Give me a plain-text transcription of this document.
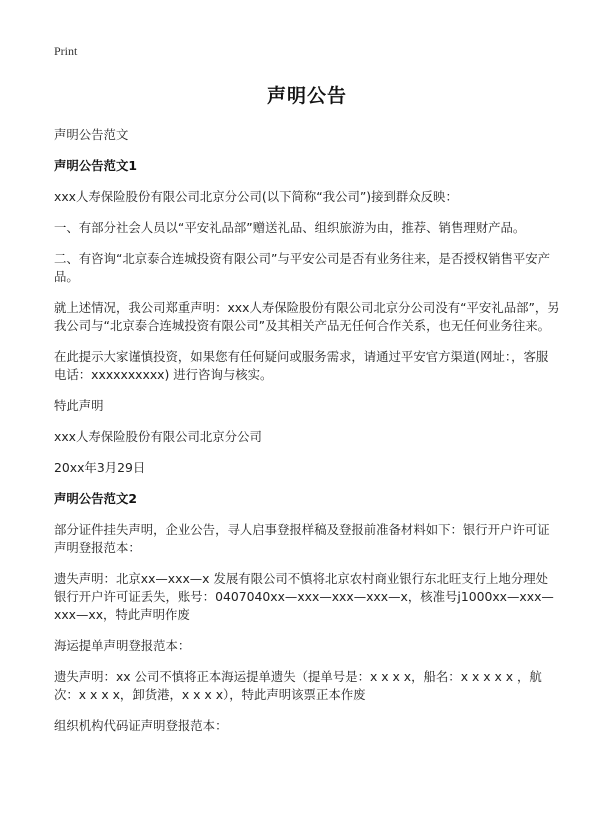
Print
声明公告

声明公告范文

声明公告范文1

xxx人寿保险股份有限公司北京分公司(以下简称“我公司”)接到群众反映：

一、有部分社会人员以“平安礼品部”赠送礼品、组织旅游为由，推荐、销售理财产品。

二、有咨询“北京泰合连城投资有限公司”与平安公司是否有业务往来，是否授权销售平安产品。

就上述情况，我公司郑重声明：xxx人寿保险股份有限公司北京分公司没有“平安礼品部”，另我公司与“北京泰合连城投资有限公司”及其相关产品无任何合作关系，也无任何业务往来。

在此提示大家谨慎投资，如果您有任何疑问或服务需求，请通过平安官方渠道(网址：，客服电话：xxxxxxxxxx) 进行咨询与核实。

特此声明

xxx人寿保险股份有限公司北京分公司

20xx年3月29日

声明公告范文2

部分证件挂失声明，企业公告，寻人启事登报样稿及登报前准备材料如下：银行开户许可证声明登报范本：

遗失声明：北京xx—xxx—x 发展有限公司不慎将北京农村商业银行东北旺支行上地分理处银行开户许可证丢失，账号：0407040xx—xxx—xxx—xxx—x，核准号j1000xx—xxx—xxx—xx，特此声明作废

海运提单声明登报范本：

遗失声明：xx 公司不慎将正本海运提单遗失（提单号是：x x x x，船名：x x x x x ，航次：x x x x，卸货港，x x x x），特此声明该票正本作废

组织机构代码证声明登报范本：
